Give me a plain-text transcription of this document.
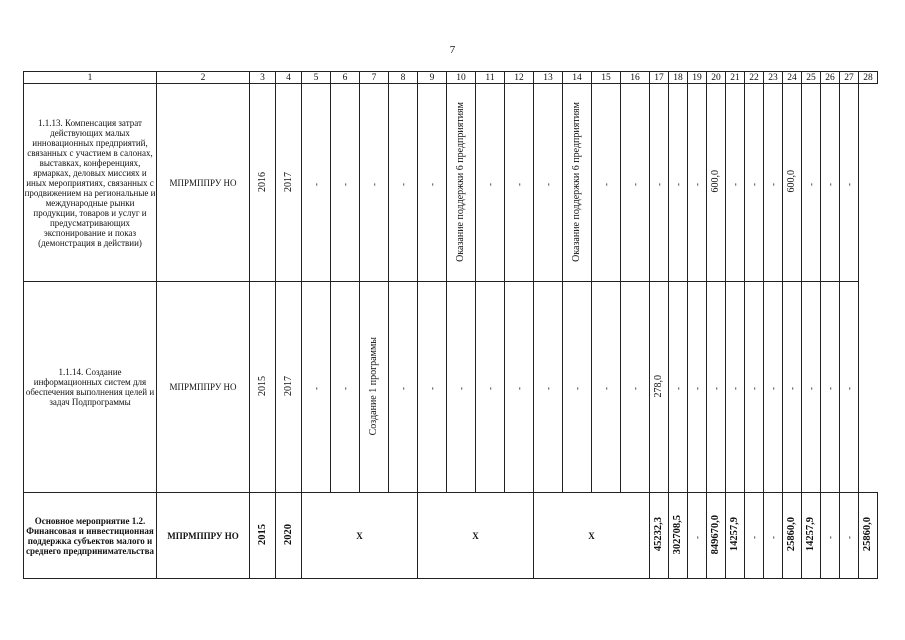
7
1	2	3	4	5	6	7	8	9	10	11	12	13	14	15	16	17	18	19	20	21	22	23	24	25	26	27	28
1.1.13. Компенсация затрат действующих малых инновационных предприятий, связанных с участием в салонах, выставках, конференциях, ярмарках, деловых миссиях и иных мероприятиях, связанных с продвижением на региональные и международные рынки продукции, товаров и услуг и предусматривающих экспонирование и показ (демонстрация в действии)	МПРМППРУ НО	2016	2017	-	-	-	-	-	Оказание поддержки 6 предприятиям	-	-	-	Оказание поддержки 6 предприятиям	-	-	-	-	-	600,0	-	-	-	600,0	-	-	-	
1.1.14. Создание информационных систем для обеспечения выполнения целей и задач Подпрограммы	МПРМППРУ НО	2015	2017	-	-	Создание 1 программы	-	-	-	-	-	-	-	-	-	278,0	-	-	-	-	-	-	-	-	-	-	
Основное мероприятие 1.2. Финансовая и инвестиционная поддержка субъектов малого и среднего предпринимательства	МПРМППРУ НО	2015	2020	X				X				X				45232,3	302708,5	-	849670,0	14257,9	-	-	25860,0	14257,9	-	-	25860,0
